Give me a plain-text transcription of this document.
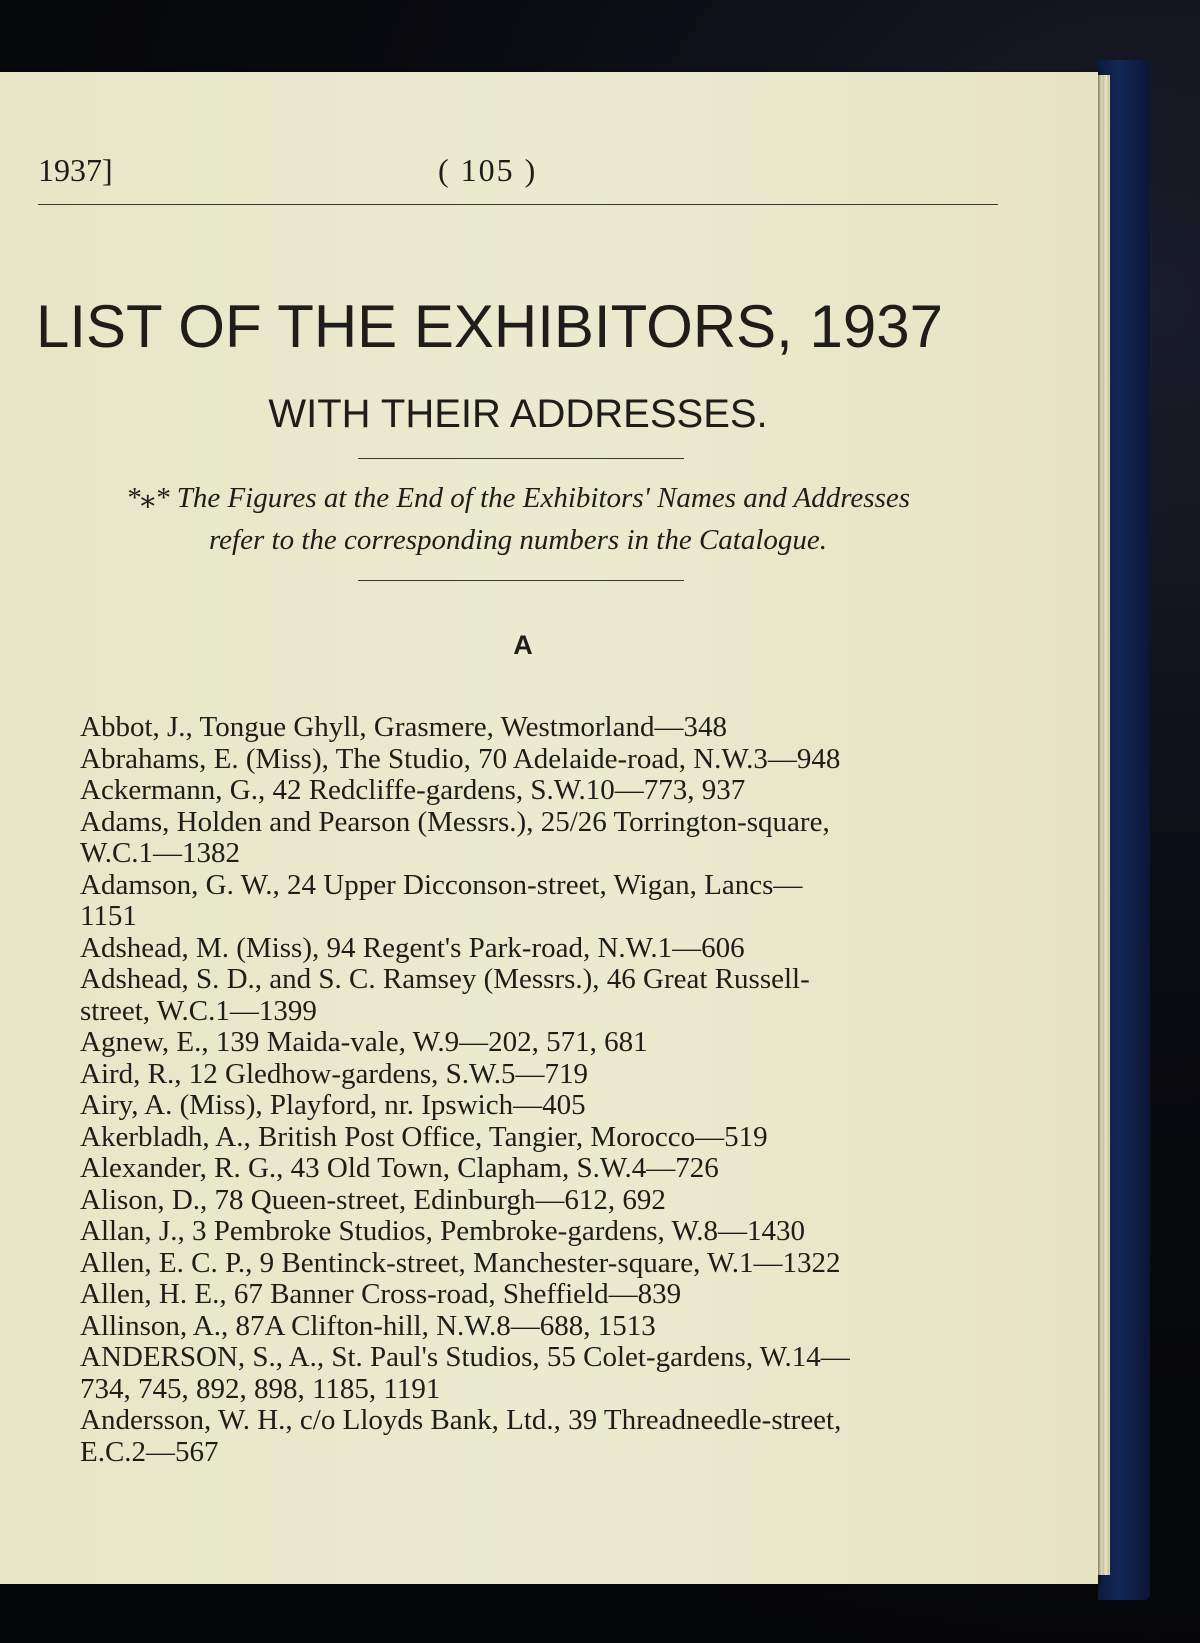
1937]	( 105 )
LIST OF THE EXHIBITORS, 1937
WITH THEIR ADDRESSES.
*⁎* The Figures at the End of the Exhibitors' Names and Addresses
refer to the corresponding numbers in the Catalogue.
A
Abbot, J., Tongue Ghyll, Grasmere, Westmorland—348
Abrahams, E. (Miss), The Studio, 70 Adelaide-road, N.W.3—948
Ackermann, G., 42 Redcliffe-gardens, S.W.10—773, 937
Adams, Holden and Pearson (Messrs.), 25/26 Torrington-square,
W.C.1—1382
Adamson, G. W., 24 Upper Dicconson-street, Wigan, Lancs—
1151
Adshead, M. (Miss), 94 Regent's Park-road, N.W.1—606
Adshead, S. D., and S. C. Ramsey (Messrs.), 46 Great Russell-
street, W.C.1—1399
Agnew, E., 139 Maida-vale, W.9—202, 571, 681
Aird, R., 12 Gledhow-gardens, S.W.5—719
Airy, A. (Miss), Playford, nr. Ipswich—405
Akerbladh, A., British Post Office, Tangier, Morocco—519
Alexander, R. G., 43 Old Town, Clapham, S.W.4—726
Alison, D., 78 Queen-street, Edinburgh—612, 692
Allan, J., 3 Pembroke Studios, Pembroke-gardens, W.8—1430
Allen, E. C. P., 9 Bentinck-street, Manchester-square, W.1—1322
Allen, H. E., 67 Banner Cross-road, Sheffield—839
Allinson, A., 87A Clifton-hill, N.W.8—688, 1513
ANDERSON, S., A., St. Paul's Studios, 55 Colet-gardens, W.14—
734, 745, 892, 898, 1185, 1191
Andersson, W. H., c/o Lloyds Bank, Ltd., 39 Threadneedle-street,
E.C.2—567
